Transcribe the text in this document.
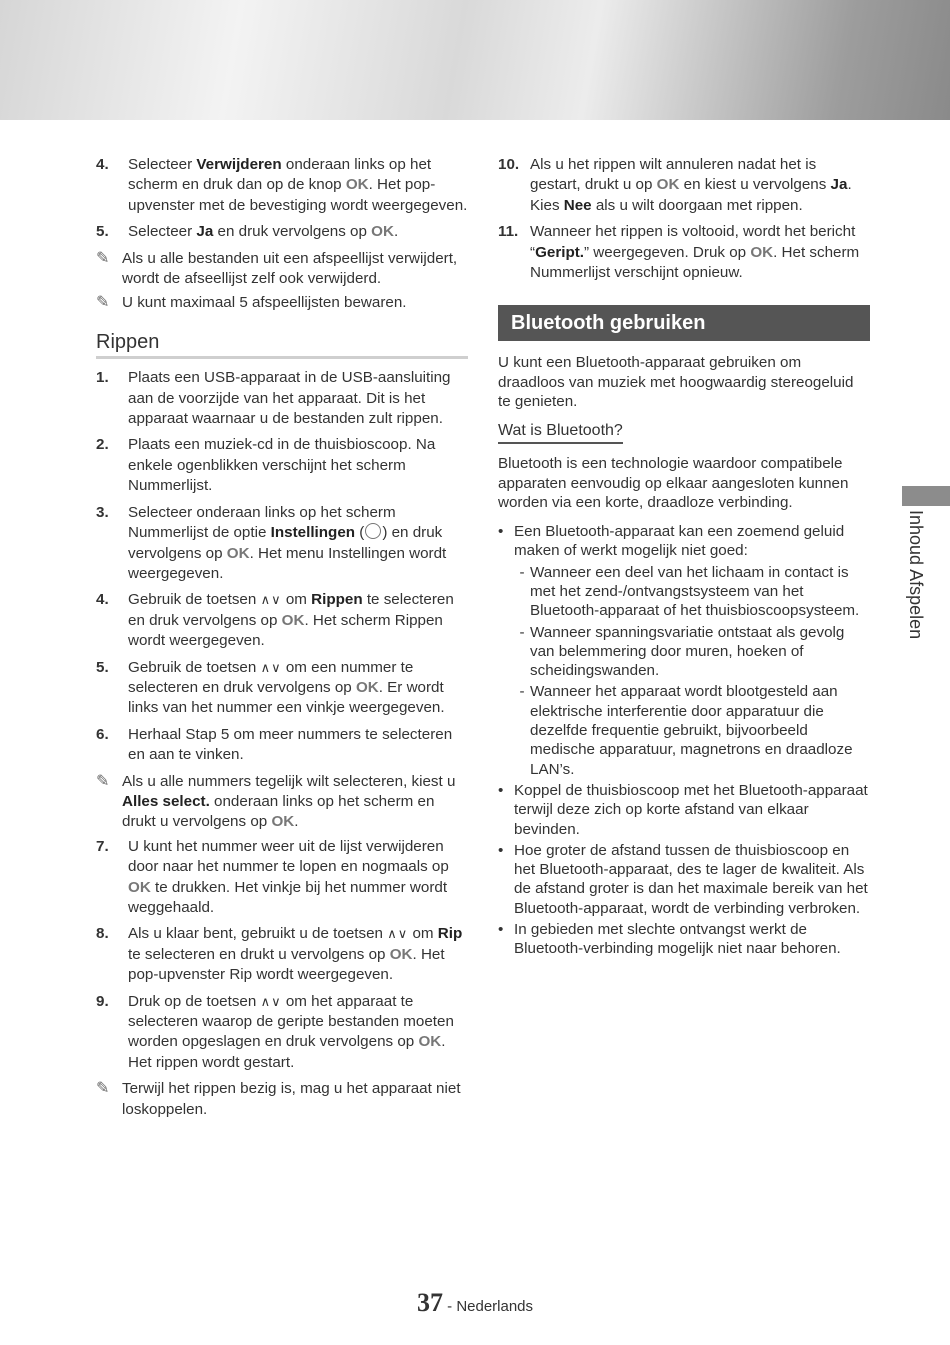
4.	Selecteer Verwijderen onderaan links op het scherm en druk dan op de knop OK. Het pop-upvenster met de bevestiging wordt weergegeven.
5.	Selecteer Ja en druk vervolgens op OK.
✎ Als u alle bestanden uit een afspeellijst verwijdert, wordt de afseellijst zelf ook verwijderd.
✎ U kunt maximaal 5 afspeellijsten bewaren.
Rippen
1.	Plaats een USB-apparaat in de USB-aansluiting aan de voorzijde van het apparaat. Dit is het apparaat waarnaar u de bestanden zult rippen.
2.	Plaats een muziek-cd in de thuisbioscoop. Na enkele ogenblikken verschijnt het scherm Nummerlijst.
3.	Selecteer onderaan links op het scherm Nummerlijst de optie Instellingen ( ) en druk vervolgens op OK. Het menu Instellingen wordt weergegeven.
4.	Gebruik de toetsen ∧∨ om Rippen te selecteren en druk vervolgens op OK. Het scherm Rippen wordt weergegeven.
5.	Gebruik de toetsen ∧∨ om een nummer te selecteren en druk vervolgens op OK. Er wordt links van het nummer een vinkje weergegeven.
6.	Herhaal Stap 5 om meer nummers te selecteren en aan te vinken.
✎ Als u alle nummers tegelijk wilt selecteren, kiest u Alles select. onderaan links op het scherm en drukt u vervolgens op OK.
7.	U kunt het nummer weer uit de lijst verwijderen door naar het nummer te lopen en nogmaals op OK te drukken. Het vinkje bij het nummer wordt weggehaald.
8.	Als u klaar bent, gebruikt u de toetsen ∧∨ om Rip te selecteren en drukt u vervolgens op OK. Het pop-upvenster Rip wordt weergegeven.
9.	Druk op de toetsen ∧∨ om het apparaat te selecteren waarop de geripte bestanden moeten worden opgeslagen en druk vervolgens op OK. Het rippen wordt gestart.
✎ Terwijl het rippen bezig is, mag u het apparaat niet loskoppelen.
10. Als u het rippen wilt annuleren nadat het is gestart, drukt u op OK en kiest u vervolgens Ja. Kies Nee als u wilt doorgaan met rippen.
11. Wanneer het rippen is voltooid, wordt het bericht “Geript.” weergegeven. Druk op OK. Het scherm Nummerlijst verschijnt opnieuw.
Bluetooth gebruiken
U kunt een Bluetooth-apparaat gebruiken om draadloos van muziek met hoogwaardig stereogeluid te genieten.
Wat is Bluetooth?
Bluetooth is een technologie waardoor compatibele apparaten eenvoudig op elkaar aangesloten kunnen worden via een korte, draadloze verbinding.
• Een Bluetooth-apparaat kan een zoemend geluid maken of werkt mogelijk niet goed:
- Wanneer een deel van het lichaam in contact is met het zend-/ontvangstsysteem van het Bluetooth-apparaat of het thuisbioscoopsysteem.
- Wanneer spanningsvariatie ontstaat als gevolg van belemmering door muren, hoeken of scheidingswanden.
- Wanneer het apparaat wordt blootgesteld aan elektrische interferentie door apparatuur die dezelfde frequentie gebruikt, bijvoorbeeld medische apparatuur, magnetrons en draadloze LAN’s.
• Koppel de thuisbioscoop met het Bluetooth-apparaat terwijl deze zich op korte afstand van elkaar bevinden.
• Hoe groter de afstand tussen de thuisbioscoop en het Bluetooth-apparaat, des te lager de kwaliteit. Als de afstand groter is dan het maximale bereik van het Bluetooth-apparaat, wordt de verbinding verbroken.
• In gebieden met slechte ontvangst werkt de Bluetooth-verbinding mogelijk niet naar behoren.
Inhoud Afspelen
37 - Nederlands
